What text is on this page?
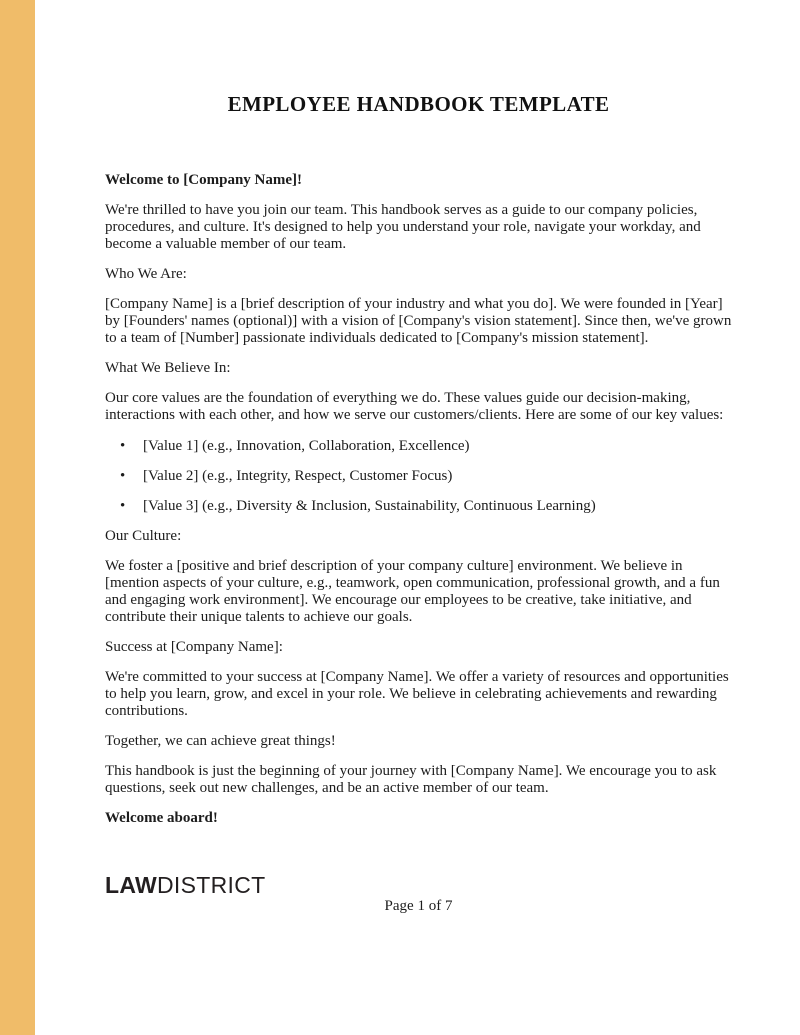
EMPLOYEE HANDBOOK TEMPLATE
Welcome to [Company Name]!
We're thrilled to have you join our team. This handbook serves as a guide to our company policies, procedures, and culture. It's designed to help you understand your role, navigate your workday, and become a valuable member of our team.
Who We Are:
[Company Name] is a [brief description of your industry and what you do]. We were founded in [Year] by [Founders' names (optional)] with a vision of [Company's vision statement]. Since then, we've grown to a team of [Number] passionate individuals dedicated to [Company's mission statement].
What We Believe In:
Our core values are the foundation of everything we do. These values guide our decision-making, interactions with each other, and how we serve our customers/clients. Here are some of our key values:
• [Value 1] (e.g., Innovation, Collaboration, Excellence)
• [Value 2] (e.g., Integrity, Respect, Customer Focus)
• [Value 3] (e.g., Diversity & Inclusion, Sustainability, Continuous Learning)
Our Culture:
We foster a [positive and brief description of your company culture] environment. We believe in [mention aspects of your culture, e.g., teamwork, open communication, professional growth, and a fun and engaging work environment]. We encourage our employees to be creative, take initiative, and contribute their unique talents to achieve our goals.
Success at [Company Name]:
We're committed to your success at [Company Name]. We offer a variety of resources and opportunities to help you learn, grow, and excel in your role. We believe in celebrating achievements and rewarding contributions.
Together, we can achieve great things!
This handbook is just the beginning of your journey with [Company Name]. We encourage you to ask questions, seek out new challenges, and be an active member of our team.
Welcome aboard!
LAWDISTRICT
Page 1 of 7
